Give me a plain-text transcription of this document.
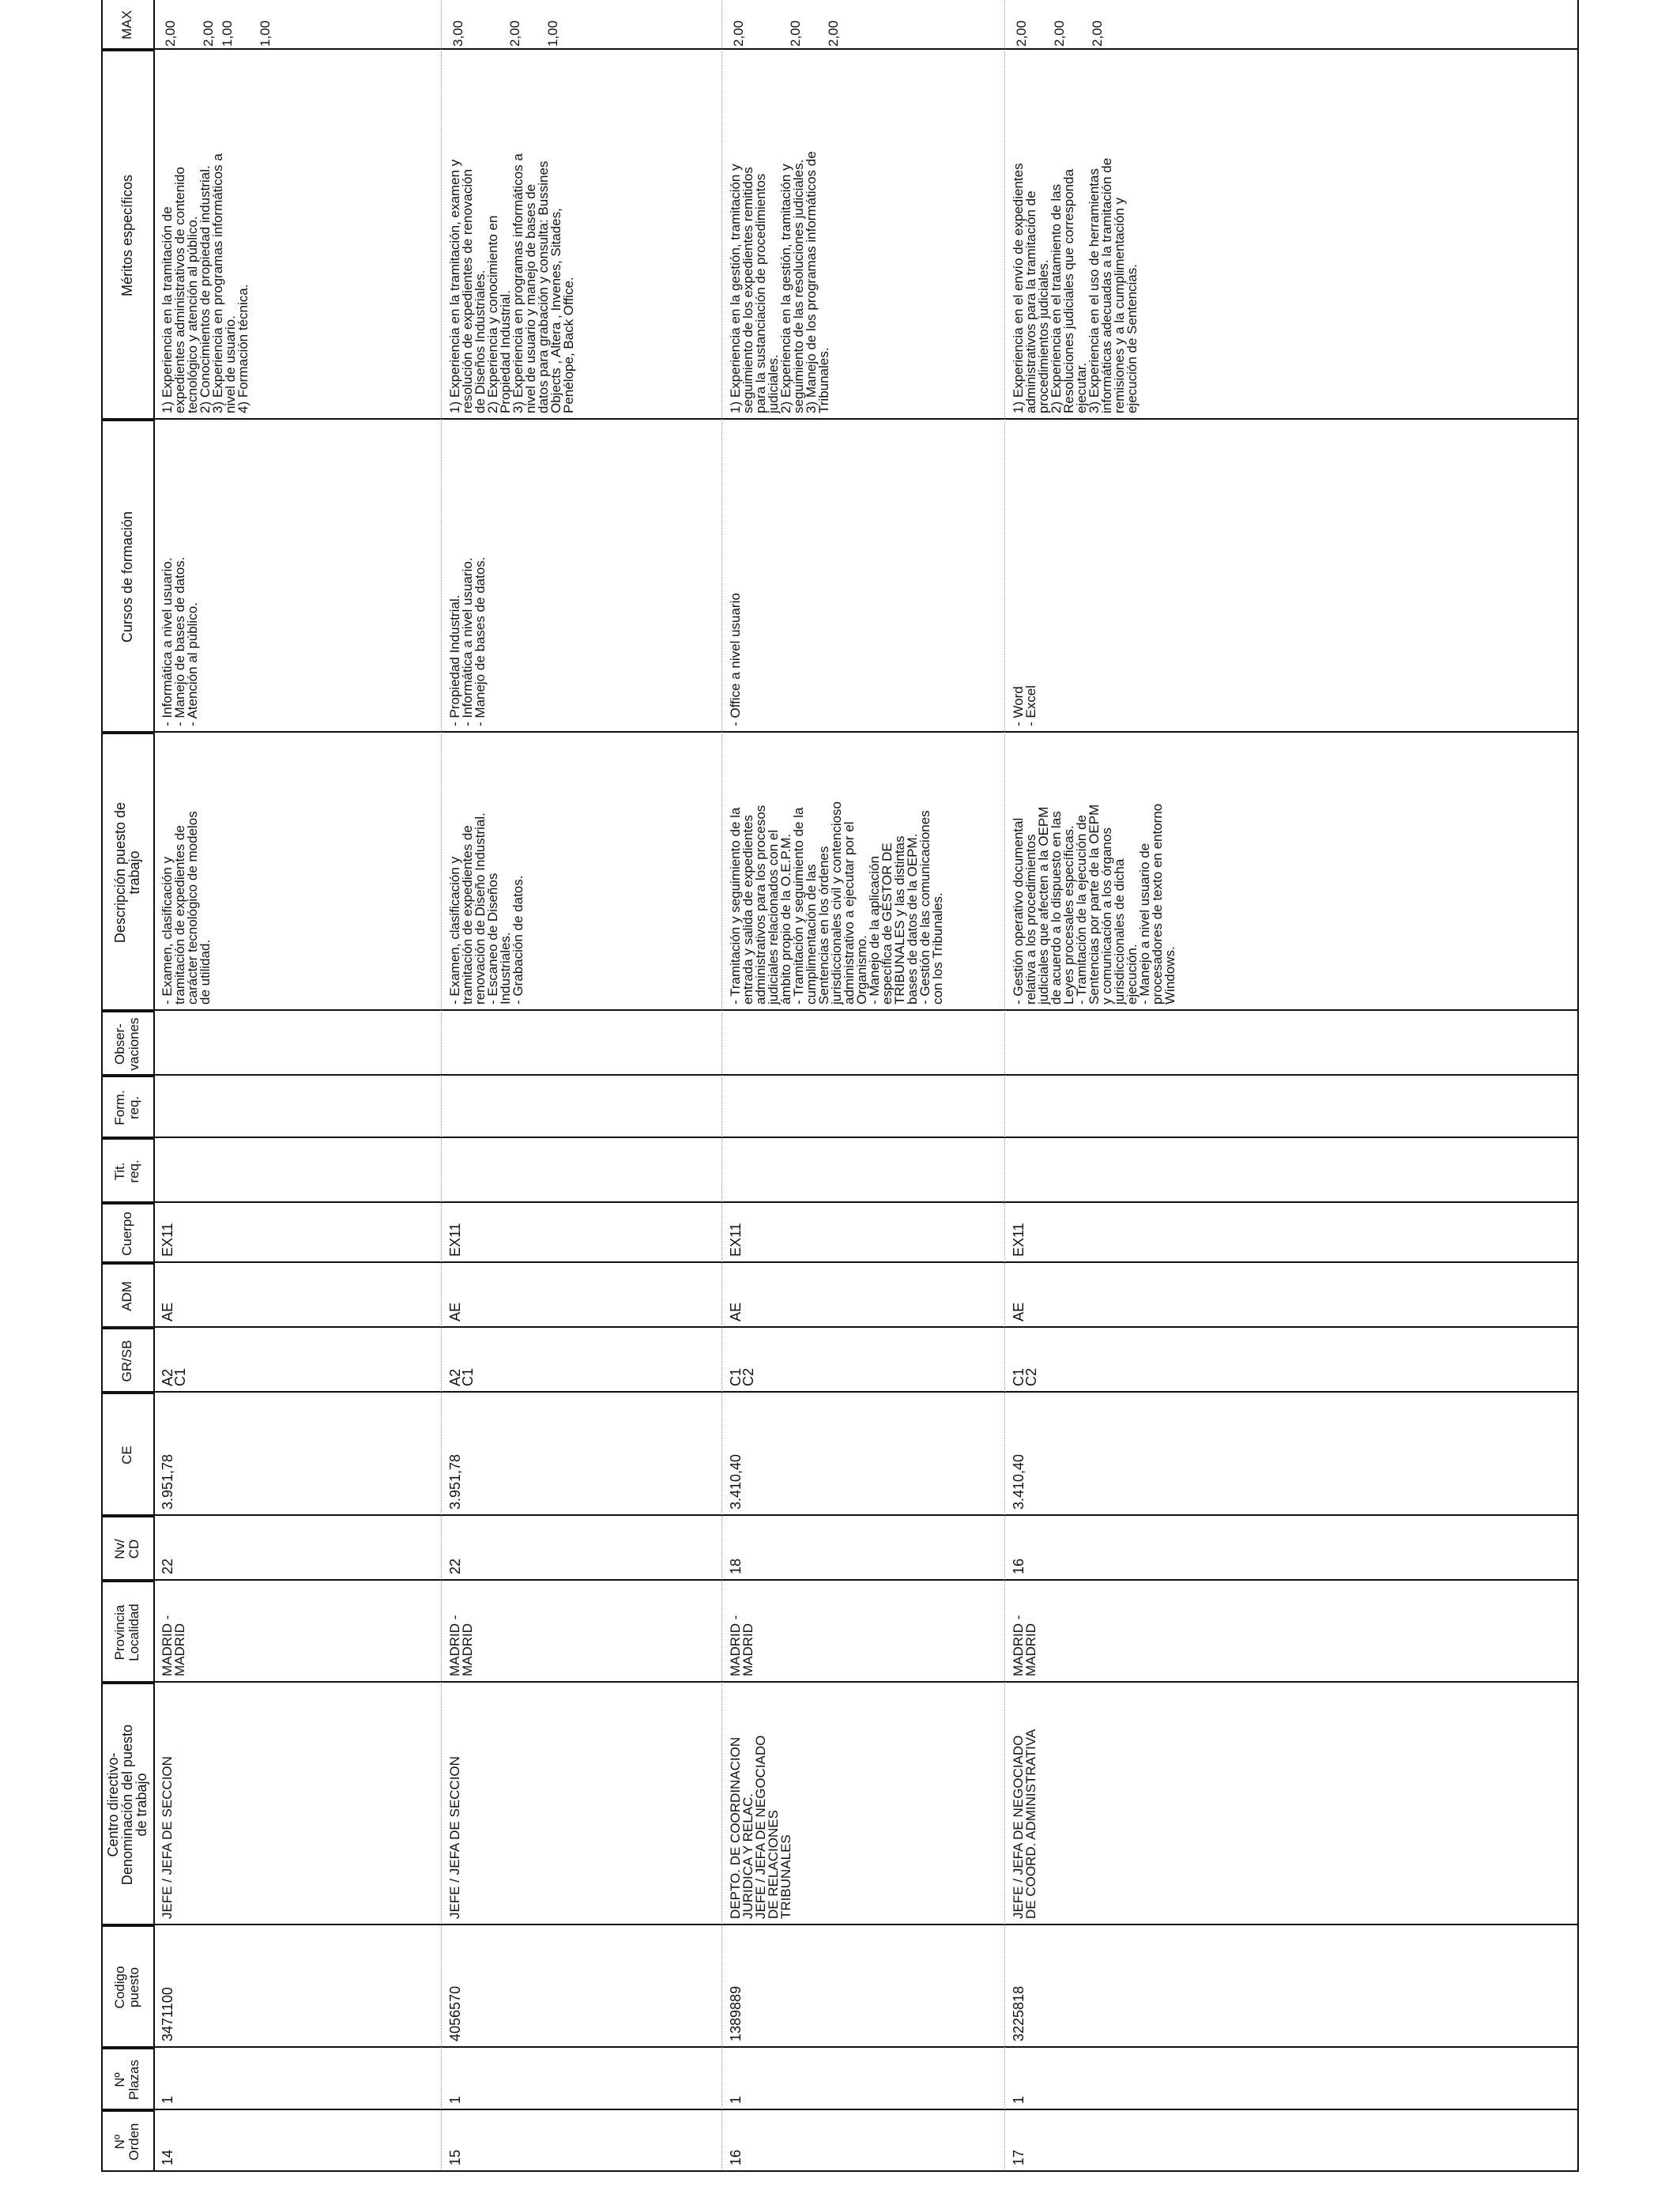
Nº
Orden
Nº
Plazas
Codigo
puesto
Centro directivo-
Denominación del puesto
de trabajo
Provincia
Localidad
Nv/
CD
CE
GR/SB
ADM
Cuerpo
Tit.
req.
Form.
req.
Obser-
vaciones
Descripción puesto de
trabajo
Cursos de formación
Méritos específicos
MAX
14
1
3471100
JEFE / JEFA DE SECCION
MADRID -
MADRID
22
3.951,78
A2
C1
AE
EX11
- Examen, clasificación y
tramitación de expedientes de
carácter tecnológico de modelos
de utilidad.
- Informática a nivel usuario.
- Manejo de bases de datos.
- Atención al público.
1) Experiencia en la tramitación de
expedientes administrativos de contenido
tecnológico y atención al público.
2) Conocimientos de propiedad industrial.
3) Experiencia en programas informáticos a
nivel de usuario.
4) Formación técnica.
2,00

2,00
1,00

1,00
15
1
4056570
JEFE / JEFA DE SECCION
MADRID -
MADRID
22
3.951,78
A2
C1
AE
EX11
- Examen, clasificación y
tramitación de expedientes de
renovación de Diseño Industrial.
- Escaneo de Diseños
Industriales.
- Grabación de datos.
- Propiedad Industrial.
- Informática a nivel usuario.
- Manejo de bases de datos.
1) Experiencia en la tramitación, examen y
resolución de expedientes de renovación
de Diseños Industriales.
2) Experiencia y conocimiento en
Propiedad Industrial.
3) Experiencia en programas informáticos a
nivel de usuario y manejo de bases de
datos para grabación y consulta: Bussines
Objects , Altera , Invenes, Sitades,
Penélope, Back Office.
3,00

2,00

1,00
16
1
1389889
DEPTO. DE COORDINACION
JURIDICA Y RELAC.
JEFE / JEFA DE NEGOCIADO
DE RELACIONES
TRIBUNALES
MADRID -
MADRID
18
3.410,40
C1
C2
AE
EX11
- Tramitación y seguimiento de la
entrada y salida de expedientes
administrativos para los procesos
judiciales relacionados con el
ámbito propio de la O.E.P.M.
- Tramitación y seguimiento de la
cumplimentación de las
Sentencias en los órdenes
jurisdiccionales civil y contencioso
administrativo a ejecutar por el
Organismo.
- Manejo de la aplicación
específica de GESTOR DE
TRIBUNALES y las distintas
bases de datos de la OEPM.
- Gestión de las comunicaciones
con los Tribunales.
- Office a nivel usuario
1) Experiencia en la gestión, tramitación y
seguimiento de los expedientes remitidos
para la sustanciación de procedimientos
judiciales.
2) Experiencia en la gestión, tramitación y
seguimiento de las resoluciones judiciales.
3) Manejo de los programas informáticos de
Tribunales.
2,00

2,00

2,00
17
1
3225818
JEFE / JEFA DE NEGOCIADO
DE COORD. ADMINISTRATIVA
MADRID -
MADRID
16
3.410,40
C1
C2
AE
EX11
- Gestión operativo documental
relativa a los procedimientos
judiciales que afecten a la OEPM
de acuerdo a lo dispuesto en las
Leyes procesales específicas.
- Tramitación de la ejecución de
Sentencias por parte de la OEPM
y comunicación a los órganos
jurisdiccionales de dicha
ejecución.
- Manejo a nivel usuario de
procesadores de texto en entorno
Windows.
- Word
- Excel
1) Experiencia en el envío de expedientes
administrativos para la tramitación de
procedimientos judiciales.
2) Experiencia en el tratamiento de las
Resoluciones judiciales que corresponda
ejecutar.
3) Experiencia en el uso de herramientas
informáticas adecuadas a la tramitación de
remisiones y a la cumplimentación y
ejecución de Sentencias.
2,00

2,00

2,00
